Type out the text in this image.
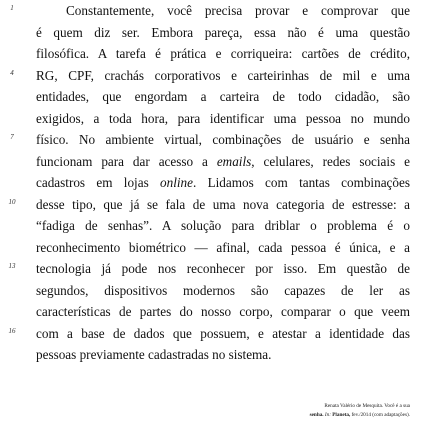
Constantemente, você precisa provar e comprovar que
é quem diz ser. Embora pareça, essa não é uma questão
filosófica. A tarefa é prática e corriqueira: cartões de crédito,
RG, CPF, crachás corporativos e carteirinhas de mil e uma
entidades, que engordam a carteira de todo cidadão, são
exigidos, a toda hora, para identificar uma pessoa no mundo
físico. No ambiente virtual, combinações de usuário e senha
funcionam para dar acesso a emails, celulares, redes sociais e
cadastros em lojas online. Lidamos com tantas combinações
desse tipo, que já se fala de uma nova categoria de estresse: a
“fadiga de senhas”. A solução para driblar o problema é o
reconhecimento biométrico — afinal, cada pessoa é única, e a
tecnologia já pode nos reconhecer por isso. Em questão de
segundos, dispositivos modernos são capazes de ler as
características de partes do nosso corpo, comparar o que veem
com a base de dados que possuem, e atestar a identidade das
pessoas previamente cadastradas no sistema.
1
4
7
10
13
16
Renata Valério de Mesquita. Você é a sua
senha. In: Planeta, fev./2014 (com adaptações).
